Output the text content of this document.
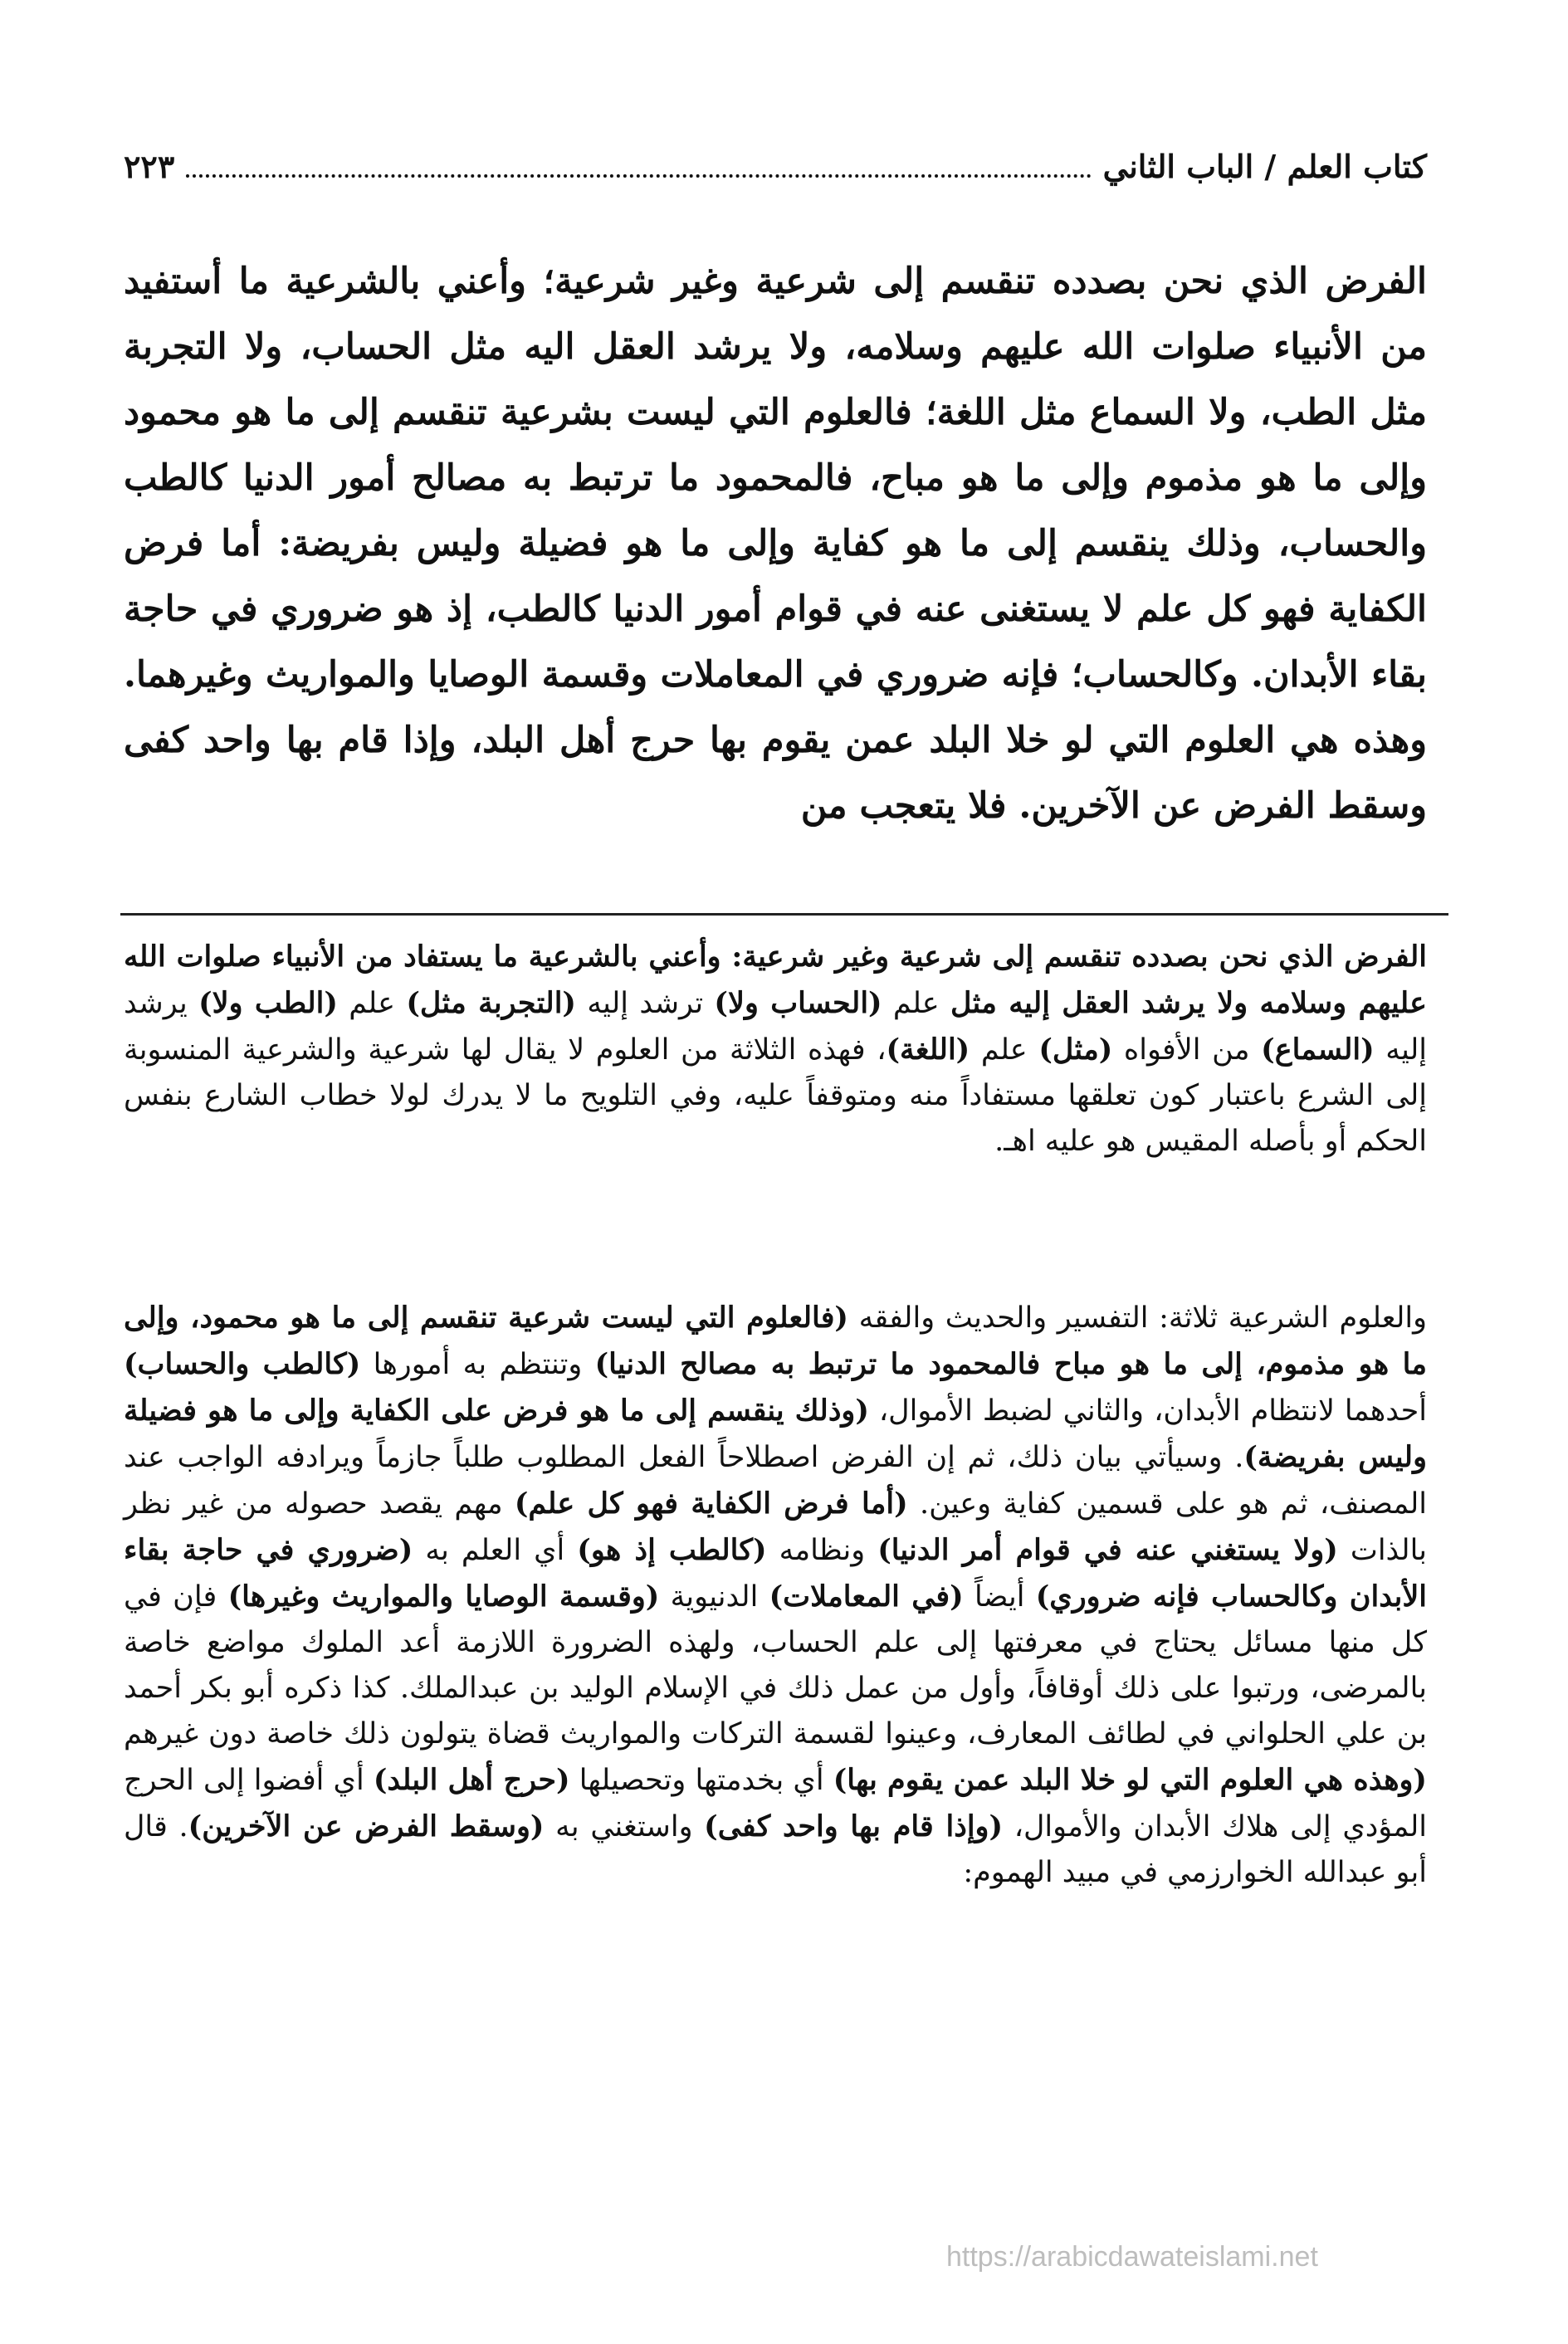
كتاب العلم / الباب الثاني
٢٢٣

الفرض الذي نحن بصدده تنقسم إلى شرعية وغير شرعية؛ وأعني بالشرعية ما أستفيد من الأنبياء صلوات الله عليهم وسلامه، ولا يرشد العقل اليه مثل الحساب، ولا التجربة مثل الطب، ولا السماع مثل اللغة؛ فالعلوم التي ليست بشرعية تنقسم إلى ما هو محمود وإلى ما هو مذموم وإلى ما هو مباح، فالمحمود ما ترتبط به مصالح أمور الدنيا كالطب والحساب، وذلك ينقسم إلى ما هو كفاية وإلى ما هو فضيلة وليس بفريضة: أما فرض الكفاية فهو كل علم لا يستغنى عنه في قوام أمور الدنيا كالطب، إذ هو ضروري في حاجة بقاء الأبدان. وكالحساب؛ فإنه ضروري في المعاملات وقسمة الوصايا والمواريث وغيرهما. وهذه هي العلوم التي لو خلا البلد عمن يقوم بها حرج أهل البلد، وإذا قام بها واحد كفى وسقط الفرض عن الآخرين. فلا يتعجب من

الفرض الذي نحن بصدده تنقسم إلى شرعية وغير شرعية: وأعني بالشرعية ما يستفاد من الأنبياء صلوات الله عليهم وسلامه ولا يرشد العقل إليه مثل علم (الحساب ولا) ترشد إليه (التجربة مثل) علم (الطب ولا) يرشد إليه (السماع) من الأفواه (مثل) علم (اللغة)، فهذه الثلاثة من العلوم لا يقال لها شرعية والشرعية المنسوبة إلى الشرع باعتبار كون تعلقها مستفاداً منه ومتوقفاً عليه، وفي التلويح ما لا يدرك لولا خطاب الشارع بنفس الحكم أو بأصله المقيس هو عليه اهـ.

والعلوم الشرعية ثلاثة: التفسير والحديث والفقه (فالعلوم التي ليست شرعية تنقسم إلى ما هو محمود، وإلى ما هو مذموم، إلى ما هو مباح فالمحمود ما ترتبط به مصالح الدنيا) وتنتظم به أمورها (كالطب والحساب) أحدهما لانتظام الأبدان، والثاني لضبط الأموال، (وذلك ينقسم إلى ما هو فرض على الكفاية وإلى ما هو فضيلة وليس بفريضة). وسيأتي بيان ذلك، ثم إن الفرض اصطلاحاً الفعل المطلوب طلباً جازماً ويرادفه الواجب عند المصنف، ثم هو على قسمين كفاية وعين. (أما فرض الكفاية فهو كل علم) مهم يقصد حصوله من غير نظر بالذات (ولا يستغني عنه في قوام أمر الدنيا) ونظامه (كالطب إذ هو) أي العلم به (ضروري في حاجة بقاء الأبدان وكالحساب فإنه ضروري) أيضاً (في المعاملات) الدنيوية (وقسمة الوصايا والمواريث وغيرها) فإن في كل منها مسائل يحتاج في معرفتها إلى علم الحساب، ولهذه الضرورة اللازمة أعد الملوك مواضع خاصة بالمرضى، ورتبوا على ذلك أوقافاً، وأول من عمل ذلك في الإسلام الوليد بن عبدالملك. كذا ذكره أبو بكر أحمد بن علي الحلواني في لطائف المعارف، وعينوا لقسمة التركات والمواريث قضاة يتولون ذلك خاصة دون غيرهم (وهذه هي العلوم التي لو خلا البلد عمن يقوم بها) أي بخدمتها وتحصيلها (حرج أهل البلد) أي أفضوا إلى الحرج المؤدي إلى هلاك الأبدان والأموال، (وإذا قام بها واحد كفى) واستغني به (وسقط الفرض عن الآخرين). قال أبو عبدالله الخوارزمي في مبيد الهموم:

https://arabicdawateislami.net
